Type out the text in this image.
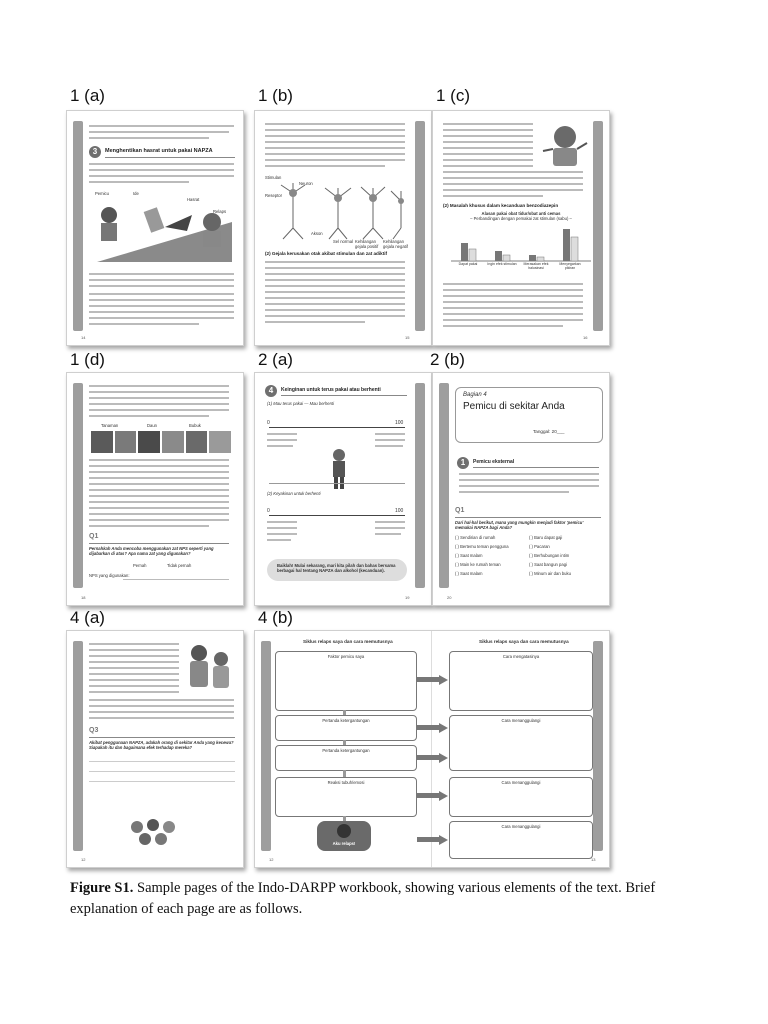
1 (a)	1 (b)	1 (c)
1 (d)	2 (a)	2 (b)
4 (a)	4 (b)
3	Menghentikan hasrat untuk pakai NAPZA
Pemicu	Ide
Hasrat
Relaps
14
Stimulan
Neuron
Akson
Reseptor
Sel normal Kehilangan gejala positif
Kehilangan gejala negatif
(2) Gejala kerusakan otak akibat stimulan dan zat adiktif
15
(2) Masalah khusus dalam kecanduan benzodiazepin
Alasan pakai obat tidur/obat anti cemas
– Perbandingan dengan pemakai zat stimulan (sabu) –
Dapat pakai	Ingin efek stimulan	Merasakan efek halusinasi
Menyegarkan pikiran
16
Tanaman	Daun	Bubuk
Q1
Pernahkah Anda mencoba menggunakan zat NPS seperti yang dijabarkan di atas? Apa nama zat yang digunakan?
Pernah	Tidak pernah
NPS yang digunakan:
18
4	Keinginan untuk terus pakai atau berhenti
(1) Mau terus pakai — Mau berhenti
0	100
(2) Keyakinan untuk berhenti
0	100
Baiklah! Mulai sekarang, mari kita pilah dan bahas bersama berbagai hal tentang NAPZA dan alkohol (kecanduan).
19
Bagian 4
Pemicu di sekitar Anda
Tanggal: 20___
1	Pemicu eksternal
Q1
Dari hal-hal berikut, mana yang mungkin menjadi faktor 'pemicu' memakai NAPZA bagi Anda?
( ) Sendirian di rumah
( ) Bertemu teman pengguna
( ) Saat malam
( ) Main ke rumah teman
( ) Saat malam
( ) Baru dapat gaji
( ) Pacaran
( ) Berhubungan intim
( ) Saat bangun pagi
( ) Minum air dan buku
20
Q3
Akibat penggunaan NAPZA, adakah orang di sekitar Anda yang kecewa? Siapakah itu dan bagaimana efek terhadap mereka?
12
Siklus relaps saya dan cara memutusnya	Siklus relaps saya dan cara memutusnya
Faktor pemicu saya
Pertanda ketergantungan
Pertanda ketergantungan
Reaksi tubuh/emosi
Cara mengatasinya
Cara menanggulangi
Cara menanggulangi
Cara menanggulangi
Aku relaps!
12	13
Figure S1. Sample pages of the Indo-DARPP workbook, showing various elements of the text. Brief explanation of each page are as follows.
